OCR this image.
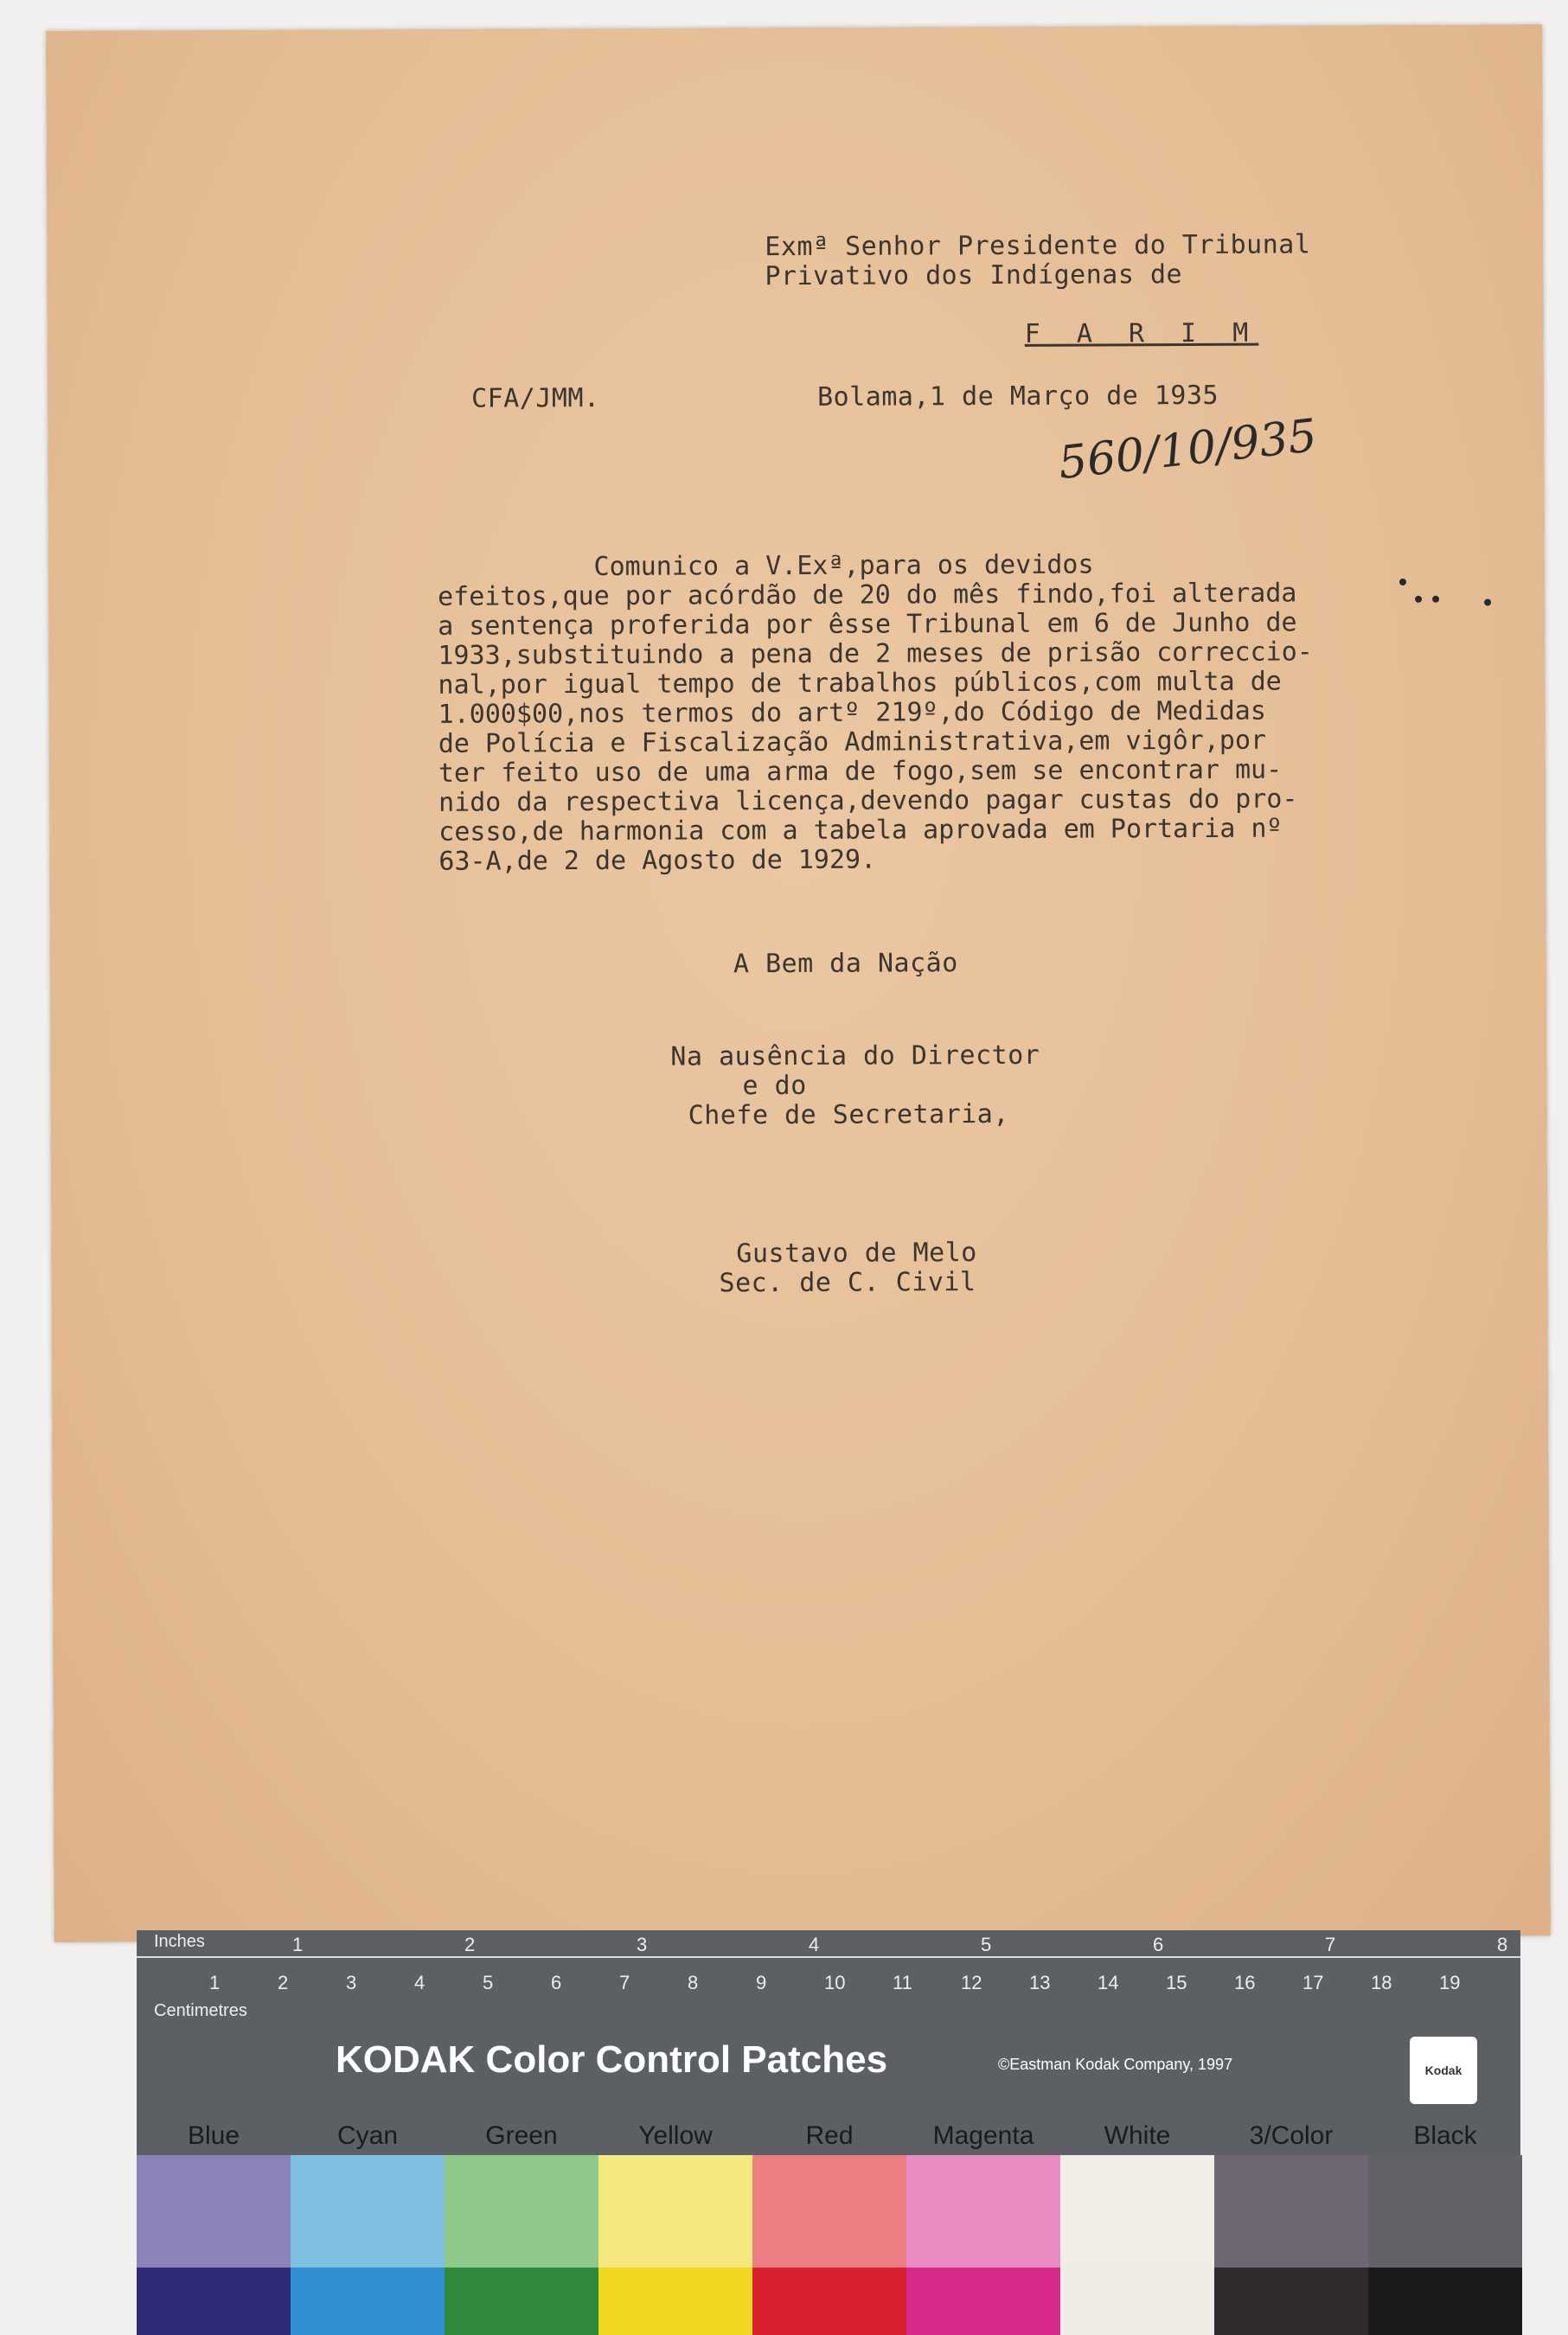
Exmª Senhor Presidente do Tribunal
Privativo dos Indígenas de
F A R I M
CFA/JMM.	Bolama,1 de Março de 1935
560/10/935
Comunico a V.Exª,para os devidos
efeitos,que por acórdão de 20 do mês findo,foi alterada
a sentença proferida por êsse Tribunal em 6 de Junho de
1933,substituindo a pena de 2 meses de prisão correccio-
nal,por igual tempo de trabalhos públicos,com multa de
1.000$00,nos termos do artº 219º,do Código de Medidas
de Polícia e Fiscalização Administrativa,em vigôr,por
ter feito uso de uma arma de fogo,sem se encontrar mu-
nido da respectiva licença,devendo pagar custas do pro-
cesso,de harmonia com a tabela aprovada em Portaria nº
63-A,de 2 de Agosto de 1929.
A Bem da Nação
Na ausência do Director
e do
Chefe de Secretaria,
Gustavo de Melo
Sec. de C. Civil
Inches	1	2	3	4	5	6	7	8
1	2	3	4	5	6	7	8	9	10 11	12 13 14 15 16 17 18 19
Centimetres
KODAK Color Control Patches	©Eastman Kodak Company, 1997	Kodak
Blue	Cyan	Green	Yellow	Red	Magenta	White	3/Color	Black
